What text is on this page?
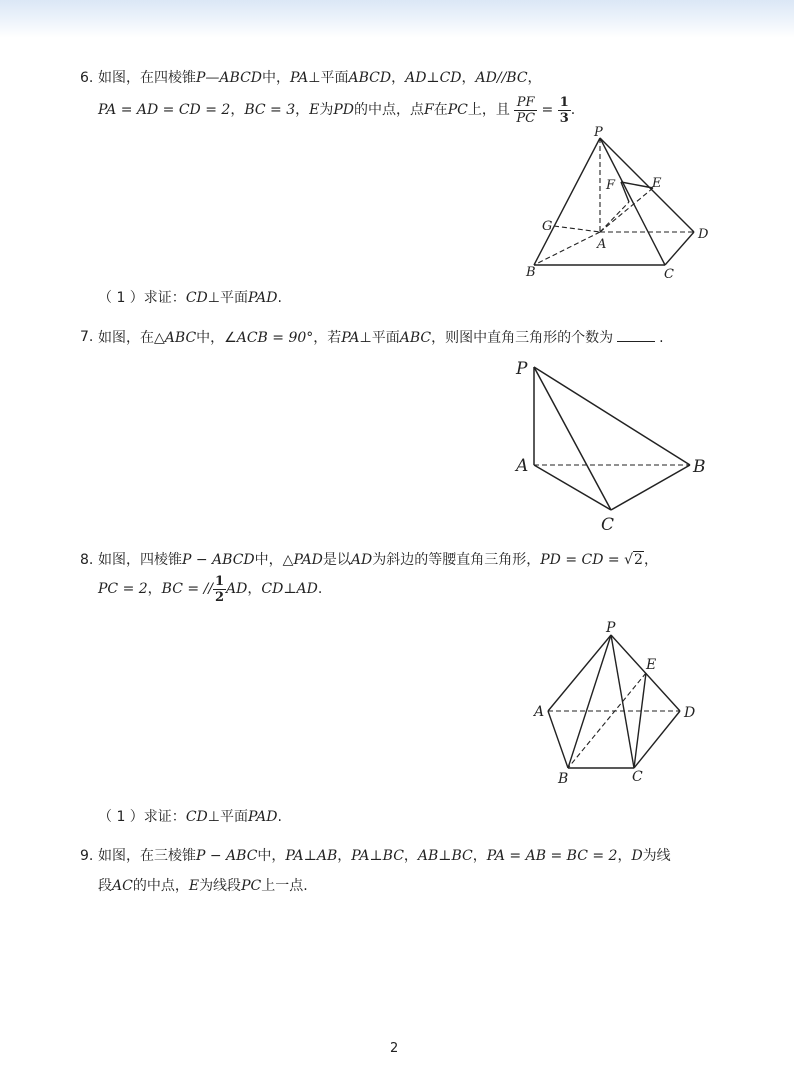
6. 如图，在四棱锥P—ABCD中，PA⊥平面ABCD，AD⊥CD，AD//BC，
PA = AD = CD = 2，BC = 3，E为PD的中点，点F在PC上，且 $\frac{PF}{PC} = \frac{1}{3}$ .
P
F	E
G
A
D
B	C
（ 1 ）求证：CD⊥平面PAD.
7. 如图，在△ABC中，∠ACB = 90°，若PA⊥平面ABC，则图中直角三角形的个数为	.
P
A	B
C
8. 如图，四棱锥P − ABCD中，△PAD是以AD为斜边的等腰直角三角形，PD = CD = √2，
PC = 2，BC = // $\frac{1}{2}$ AD，CD⊥AD.
P
E
A	D
B	C
（ 1 ）求证：CD⊥平面PAD.
9. 如图，在三棱锥P − ABC中，PA⊥AB，PA⊥BC，AB⊥BC，PA = AB = BC = 2，D为线
段AC的中点，E为线段PC上一点.
2
